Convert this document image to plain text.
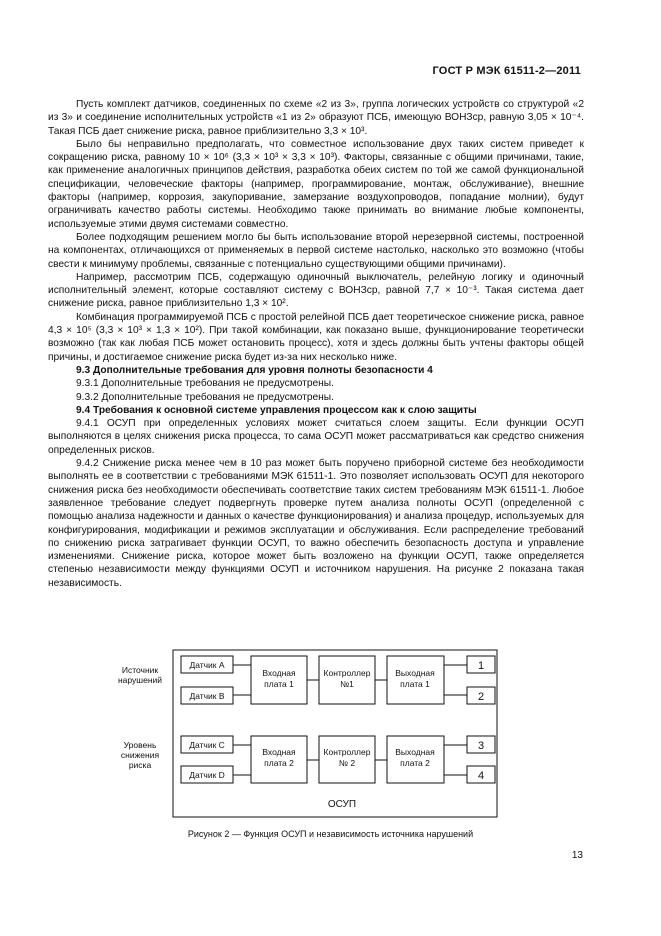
ГОСТ Р МЭК 61511-2—2011

Пусть комплект датчиков, соединенных по схеме «2 из 3», группа логических устройств со структурой «2 из 3» и соединение исполнительных устройств «1 из 2» образуют ПСБ, имеющую ВОНЗср, равную 3,05 × 10⁻⁴. Такая ПСБ дает снижение риска, равное приблизительно 3,3 × 10³.

Было бы неправильно предполагать, что совместное использование двух таких систем приведет к сокращению риска, равному 10 × 10⁶ (3,3 × 10³ × 3,3 × 10³). Факторы, связанные с общими причинами, такие, как применение аналогичных принципов действия, разработка обеих систем по той же самой функциональной спецификации, человеческие факторы (например, программирование, монтаж, обслуживание), внешние факторы (например, коррозия, закупоривание, замерзание воздухопроводов, попадание молнии), будут ограничивать качество работы системы. Необходимо также принимать во внимание любые компоненты, используемые этими двумя системами совместно.

Более подходящим решением могло бы быть использование второй нерезервной системы, построенной на компонентах, отличающихся от применяемых в первой системе настолько, насколько это возможно (чтобы свести к минимуму проблемы, связанные с потенциально существующими общими причинами).

Например, рассмотрим ПСБ, содержащую одиночный выключатель, релейную логику и одиночный исполнительный элемент, которые составляют систему с ВОНЗср, равной 7,7 × 10⁻³. Такая система дает снижение риска, равное приблизительно 1,3 × 10².

Комбинация программируемой ПСБ с простой релейной ПСБ дает теоретическое снижение риска, равное 4,3 × 10⁵ (3,3 × 10³ × 1,3 × 10²). При такой комбинации, как показано выше, функционирование теоретически возможно (так как любая ПСБ может остановить процесс), хотя и здесь должны быть учтены факторы общей причины, и достигаемое снижение риска будет из-за них несколько ниже.

9.3 Дополнительные требования для уровня полноты безопасности 4

9.3.1 Дополнительные требования не предусмотрены.

9.3.2 Дополнительные требования не предусмотрены.

9.4 Требования к основной системе управления процессом как к слою защиты

9.4.1 ОСУП при определенных условиях может считаться слоем защиты. Если функции ОСУП выполняются в целях снижения риска процесса, то сама ОСУП может рассматриваться как средство снижения определенных рисков.

9.4.2 Снижение риска менее чем в 10 раз может быть поручено приборной системе без необходимости выполнять ее в соответствии с требованиями МЭК 61511-1. Это позволяет использовать ОСУП для некоторого снижения риска без необходимости обеспечивать соответствие таких систем требованиям МЭК 61511-1. Любое заявленное требование следует подвергнуть проверке путем анализа полноты ОСУП (определенной с помощью анализа надежности и данных о качестве функционирования) и анализа процедур, используемых для конфигурирования, модификации и режимов эксплуатации и обслуживания. Если распределение требований по снижению риска затрагивает функции ОСУП, то важно обеспечить безопасность доступа и управление изменениями. Снижение риска, которое может быть возложено на функции ОСУП, также определяется степенью независимости между функциями ОСУП и источником нарушения. На рисунке 2 показана такая независимость.

Источник нарушений
Уровень снижения риска
ОСУП
Датчик А
Датчик В
Датчик С
Датчик D
Входная плата 1
Входная плата 2
Контроллер №1
Контроллер № 2
Выходная плата 1
Выходная плата 2
1
2
3
4
Рисунок 2 — Функция ОСУП и независимость источника нарушений
13
